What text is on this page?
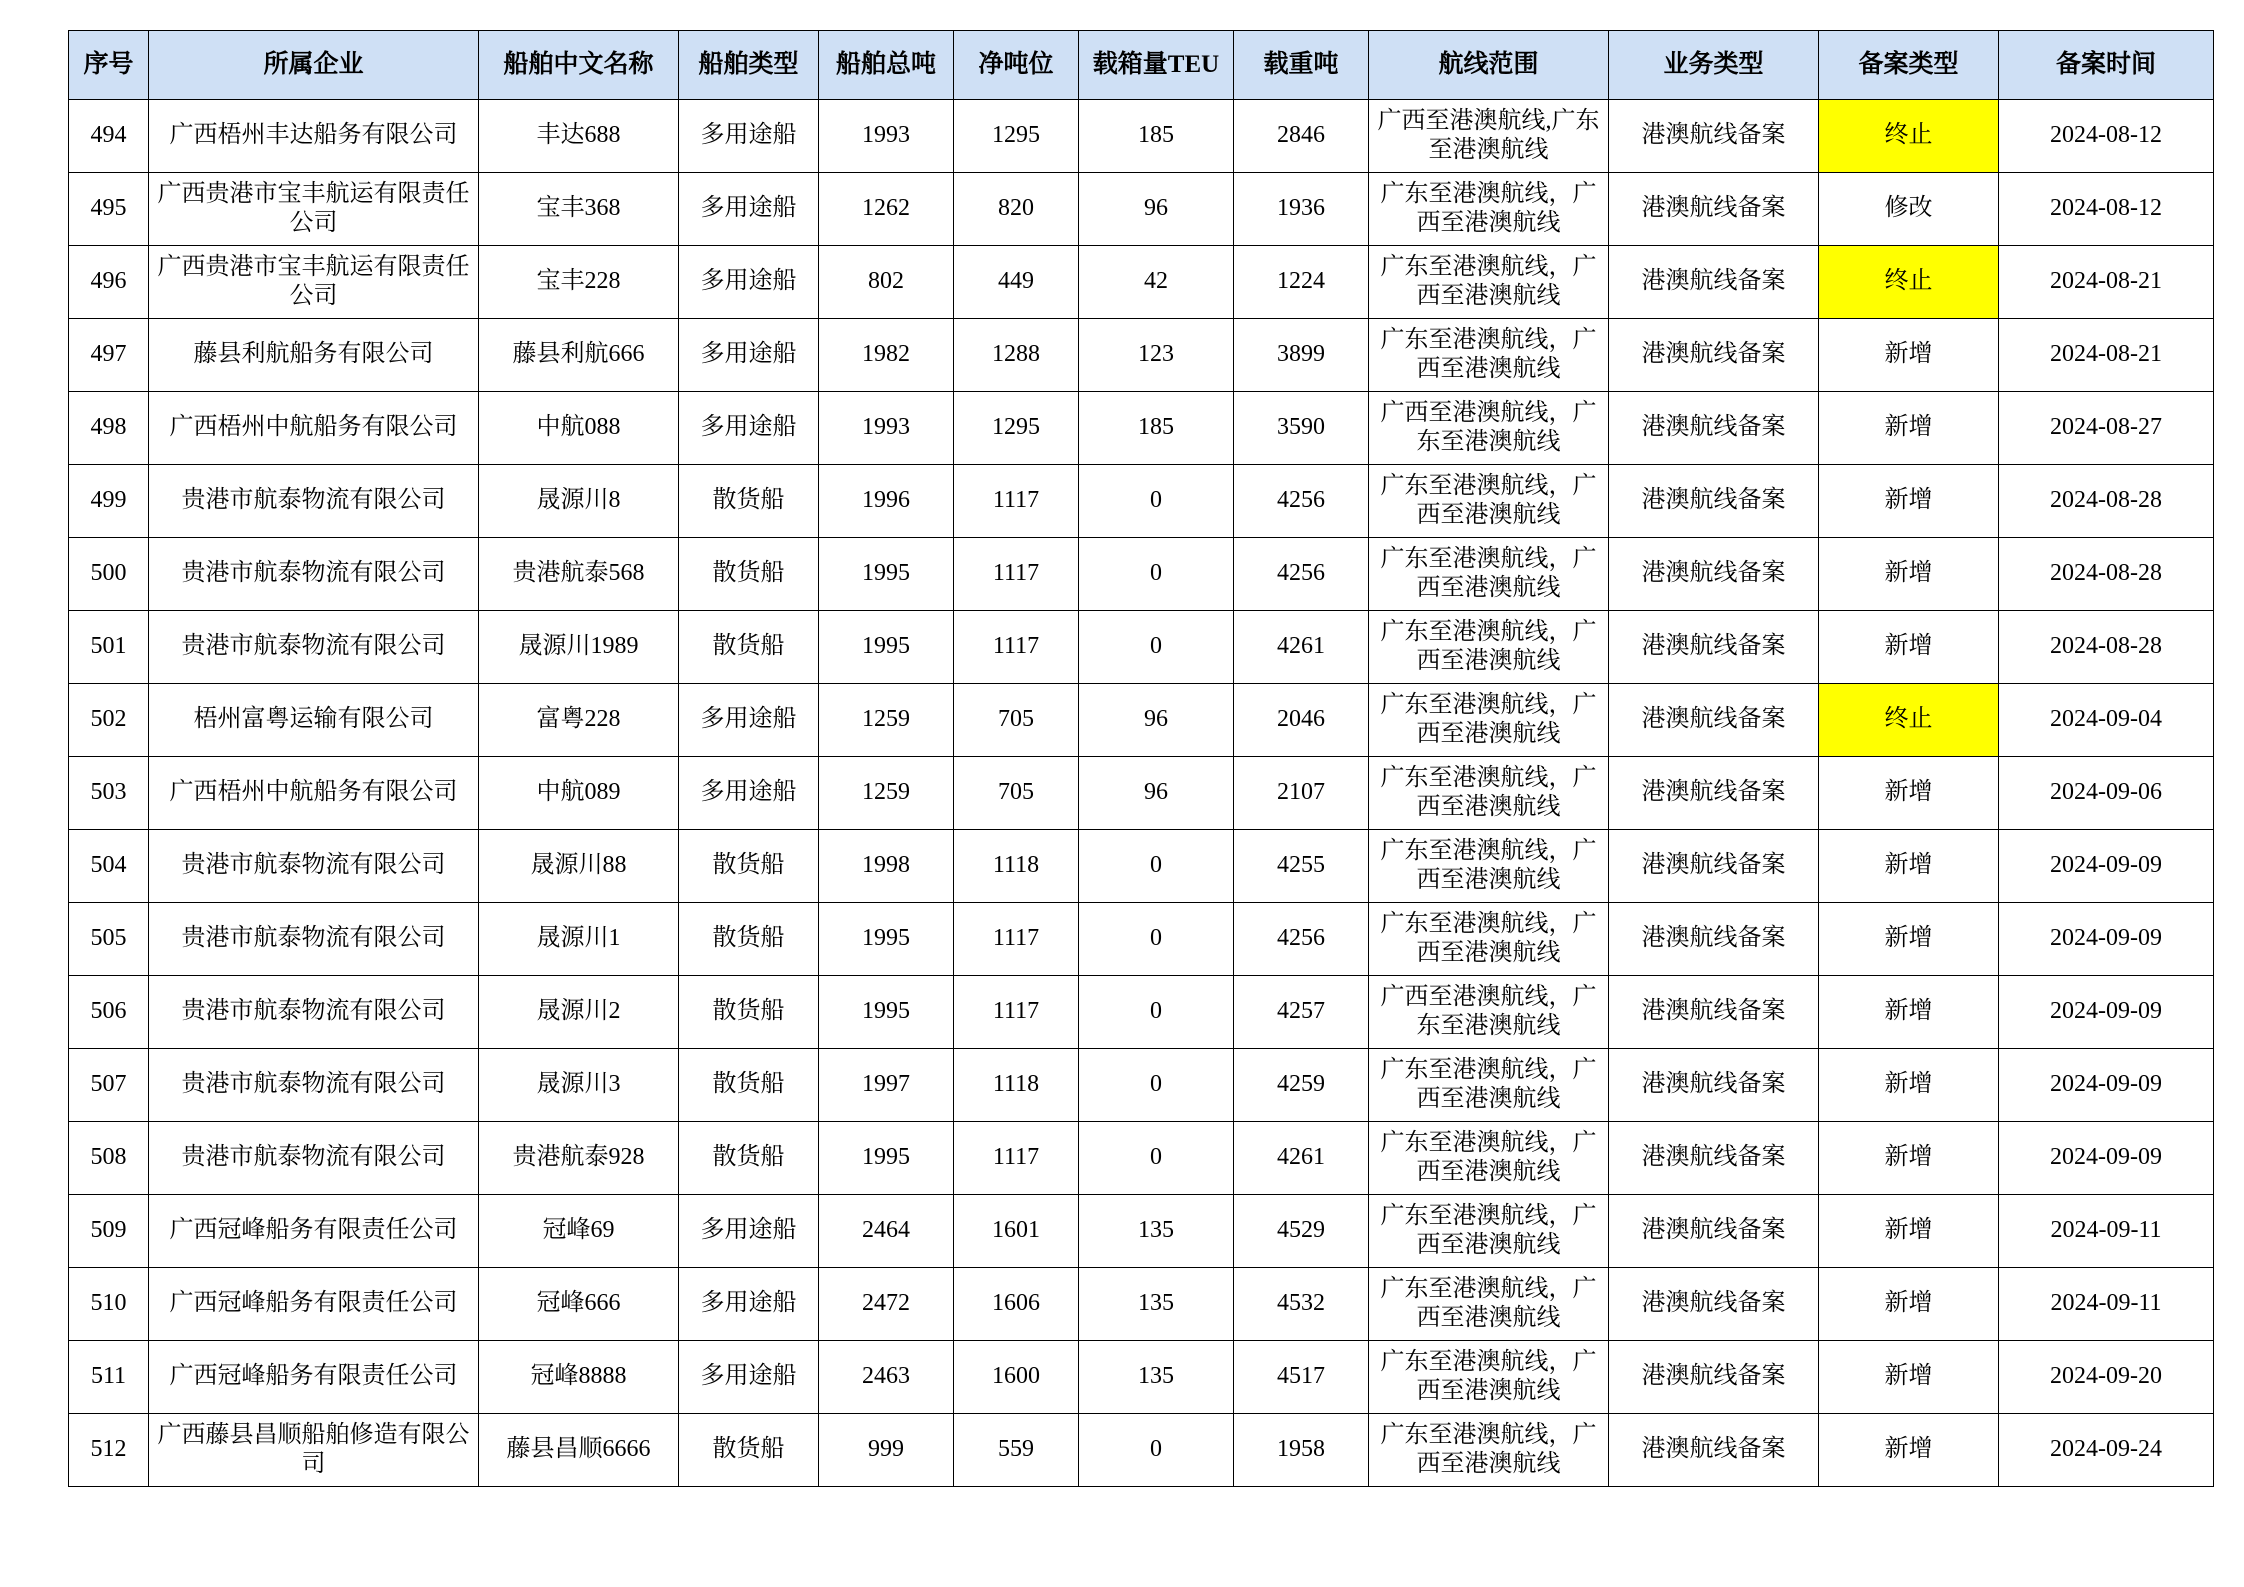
序号	所属企业	船舶中文名称	船舶类型	船舶总吨	净吨位	载箱量TEU	载重吨	航线范围	业务类型	备案类型	备案时间
494	广西梧州丰达船务有限公司	丰达688	多用途船	1993	1295	185	2846	广西至港澳航线,广东至港澳航线	港澳航线备案	终止	2024-08-12
495	广西贵港市宝丰航运有限责任公司	宝丰368	多用途船	1262	820	96	1936	广东至港澳航线，广西至港澳航线	港澳航线备案	修改	2024-08-12
496	广西贵港市宝丰航运有限责任公司	宝丰228	多用途船	802	449	42	1224	广东至港澳航线，广西至港澳航线	港澳航线备案	终止	2024-08-21
497	藤县利航船务有限公司	藤县利航666	多用途船	1982	1288	123	3899	广东至港澳航线，广西至港澳航线	港澳航线备案	新增	2024-08-21
498	广西梧州中航船务有限公司	中航088	多用途船	1993	1295	185	3590	广西至港澳航线，广东至港澳航线	港澳航线备案	新增	2024-08-27
499	贵港市航泰物流有限公司	晟源川8	散货船	1996	1117	0	4256	广东至港澳航线，广西至港澳航线	港澳航线备案	新增	2024-08-28
500	贵港市航泰物流有限公司	贵港航泰568	散货船	1995	1117	0	4256	广东至港澳航线，广西至港澳航线	港澳航线备案	新增	2024-08-28
501	贵港市航泰物流有限公司	晟源川1989	散货船	1995	1117	0	4261	广东至港澳航线，广西至港澳航线	港澳航线备案	新增	2024-08-28
502	梧州富粤运输有限公司	富粤228	多用途船	1259	705	96	2046	广东至港澳航线，广西至港澳航线	港澳航线备案	终止	2024-09-04
503	广西梧州中航船务有限公司	中航089	多用途船	1259	705	96	2107	广东至港澳航线，广西至港澳航线	港澳航线备案	新增	2024-09-06
504	贵港市航泰物流有限公司	晟源川88	散货船	1998	1118	0	4255	广东至港澳航线，广西至港澳航线	港澳航线备案	新增	2024-09-09
505	贵港市航泰物流有限公司	晟源川1	散货船	1995	1117	0	4256	广东至港澳航线，广西至港澳航线	港澳航线备案	新增	2024-09-09
506	贵港市航泰物流有限公司	晟源川2	散货船	1995	1117	0	4257	广西至港澳航线，广东至港澳航线	港澳航线备案	新增	2024-09-09
507	贵港市航泰物流有限公司	晟源川3	散货船	1997	1118	0	4259	广东至港澳航线，广西至港澳航线	港澳航线备案	新增	2024-09-09
508	贵港市航泰物流有限公司	贵港航泰928	散货船	1995	1117	0	4261	广东至港澳航线，广西至港澳航线	港澳航线备案	新增	2024-09-09
509	广西冠峰船务有限责任公司	冠峰69	多用途船	2464	1601	135	4529	广东至港澳航线，广西至港澳航线	港澳航线备案	新增	2024-09-11
510	广西冠峰船务有限责任公司	冠峰666	多用途船	2472	1606	135	4532	广东至港澳航线，广西至港澳航线	港澳航线备案	新增	2024-09-11
511	广西冠峰船务有限责任公司	冠峰8888	多用途船	2463	1600	135	4517	广东至港澳航线，广西至港澳航线	港澳航线备案	新增	2024-09-20
512	广西藤县昌顺船舶修造有限公司	藤县昌顺6666	散货船	999	559	0	1958	广东至港澳航线，广西至港澳航线	港澳航线备案	新增	2024-09-24
